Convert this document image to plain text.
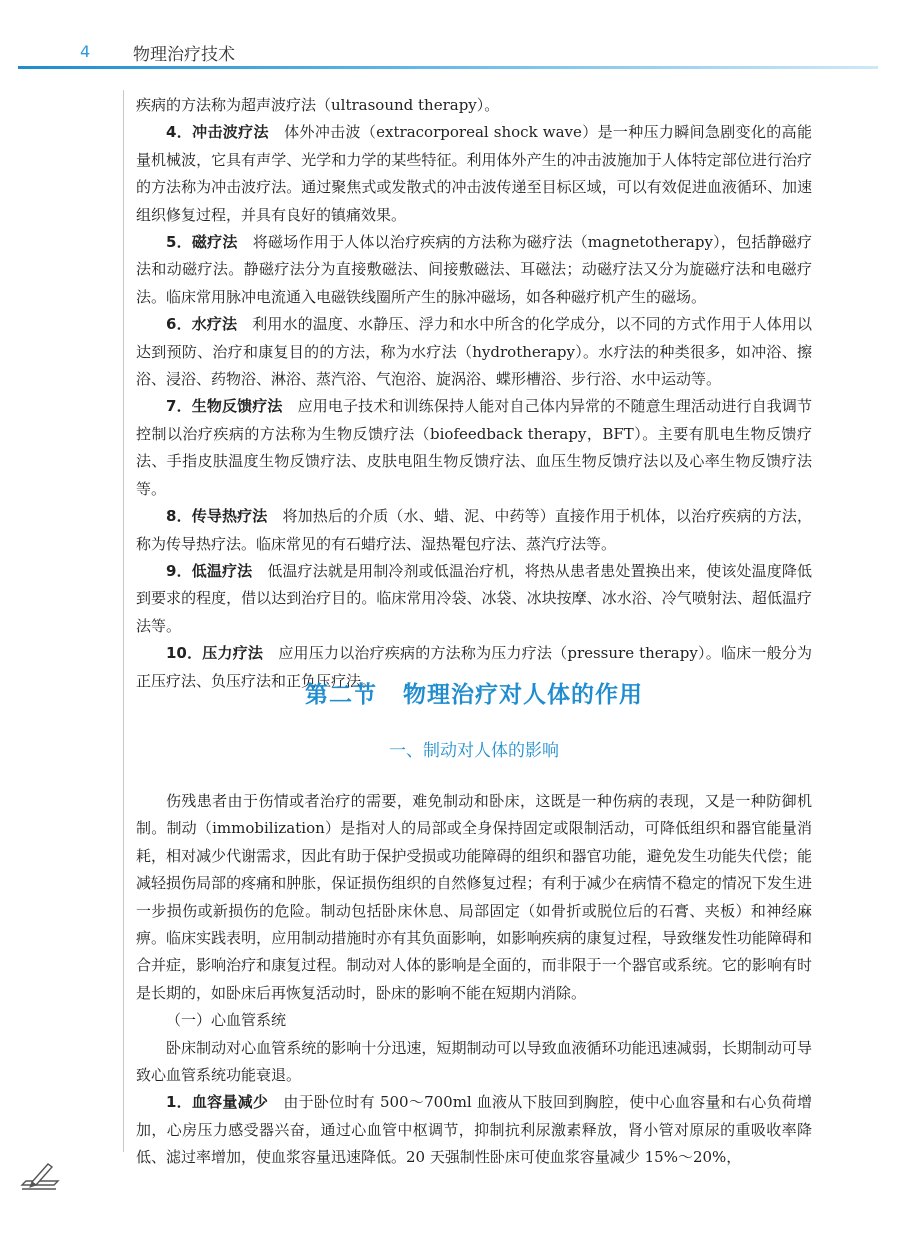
4	物理治疗技术

疾病的方法称为超声波疗法（ultrasound therapy）。

4．冲击波疗法　体外冲击波（extracorporeal shock wave）是一种压力瞬间急剧变化的高能量机械波，它具有声学、光学和力学的某些特征。利用体外产生的冲击波施加于人体特定部位进行治疗的方法称为冲击波疗法。通过聚焦式或发散式的冲击波传递至目标区域，可以有效促进血液循环、加速组织修复过程，并具有良好的镇痛效果。

5．磁疗法　将磁场作用于人体以治疗疾病的方法称为磁疗法（magnetotherapy），包括静磁疗法和动磁疗法。静磁疗法分为直接敷磁法、间接敷磁法、耳磁法；动磁疗法又分为旋磁疗法和电磁疗法。临床常用脉冲电流通入电磁铁线圈所产生的脉冲磁场，如各种磁疗机产生的磁场。

6．水疗法　利用水的温度、水静压、浮力和水中所含的化学成分，以不同的方式作用于人体用以达到预防、治疗和康复目的的方法，称为水疗法（hydrotherapy）。水疗法的种类很多，如冲浴、擦浴、浸浴、药物浴、淋浴、蒸汽浴、气泡浴、旋涡浴、蝶形槽浴、步行浴、水中运动等。

7．生物反馈疗法　应用电子技术和训练保持人能对自己体内异常的不随意生理活动进行自我调节控制以治疗疾病的方法称为生物反馈疗法（biofeedback therapy，BFT）。主要有肌电生物反馈疗法、手指皮肤温度生物反馈疗法、皮肤电阻生物反馈疗法、血压生物反馈疗法以及心率生物反馈疗法等。

8．传导热疗法　将加热后的介质（水、蜡、泥、中药等）直接作用于机体，以治疗疾病的方法，称为传导热疗法。临床常见的有石蜡疗法、湿热罨包疗法、蒸汽疗法等。

9．低温疗法　低温疗法就是用制冷剂或低温治疗机，将热从患者患处置换出来，使该处温度降低到要求的程度，借以达到治疗目的。临床常用冷袋、冰袋、冰块按摩、冰水浴、冷气喷射法、超低温疗法等。

10．压力疗法　应用压力以治疗疾病的方法称为压力疗法（pressure therapy）。临床一般分为正压疗法、负压疗法和正负压疗法。

第二节 物理治疗对人体的作用
一、制动对人体的影响

伤残患者由于伤情或者治疗的需要，难免制动和卧床，这既是一种伤病的表现，又是一种防御机制。制动（immobilization）是指对人的局部或全身保持固定或限制活动，可降低组织和器官能量消耗，相对减少代谢需求，因此有助于保护受损或功能障碍的组织和器官功能，避免发生功能失代偿；能减轻损伤局部的疼痛和肿胀，保证损伤组织的自然修复过程；有利于减少在病情不稳定的情况下发生进一步损伤或新损伤的危险。制动包括卧床休息、局部固定（如骨折或脱位后的石膏、夹板）和神经麻痹。临床实践表明，应用制动措施时亦有其负面影响，如影响疾病的康复过程，导致继发性功能障碍和合并症，影响治疗和康复过程。制动对人体的影响是全面的，而非限于一个器官或系统。它的影响有时是长期的，如卧床后再恢复活动时，卧床的影响不能在短期内消除。

（一）心血管系统

卧床制动对心血管系统的影响十分迅速，短期制动可以导致血液循环功能迅速减弱，长期制动可导致心血管系统功能衰退。

1．血容量减少　由于卧位时有 500～700ml 血液从下肢回到胸腔，使中心血容量和右心负荷增加，心房压力感受器兴奋，通过心血管中枢调节，抑制抗利尿激素释放，肾小管对原尿的重吸收率降低、滤过率增加，使血浆容量迅速降低。20 天强制性卧床可使血浆容量减少 15%～20%，
